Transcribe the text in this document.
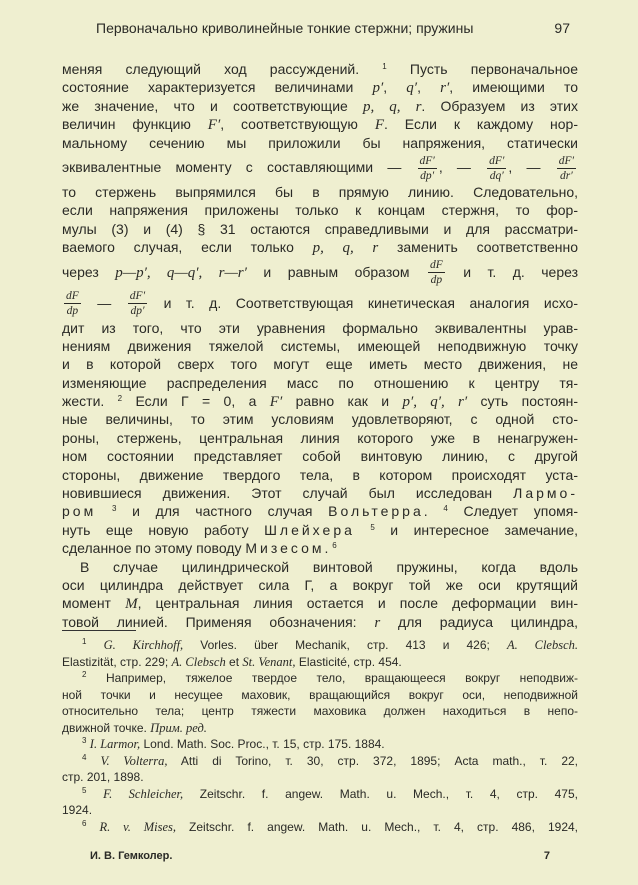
Первоначально криволинейные тонкие стержни; пружины	97
меняя следующий ход рассуждений. $^1$ Пусть первоначальное
состояние характеризуется величинами p′, q′, r′, имеющими то
же значение, что и соответствующие p, q, r. Образуем из этих
величин функцию F′, соответствующую F. Если к каждому нор-
мальному сечению мы приложили бы напряжения, статически
эквивалентные моменту с составляющими — $\frac{dF'}{dp'}$ , — $\frac{dF'}{dq'}$ , — $\frac{dF'}{dr'}$
то стержень выпрямился бы в прямую линию. Следовательно,
если напряжения приложены только к концам стержня, то фор-
мулы (3) и (4) § 31 остаются справедливыми и для рассматри-
ваемого случая, если только p, q, r заменить соответственно
через p—p′, q—q′, r—r′ и равным образом $\frac{dF}{dp}$ и т. д. через
$\frac{dF}{dp}$ — $\frac{dF'}{dp'}$ и т. д. Соответствующая кинетическая аналогия исхо-
дит из того, что эти уравнения формально эквивалентны урав-
нениям движения тяжелой системы, имеющей неподвижную точку
и в которой сверх того могут еще иметь место движения, не
изменяющие распределения масс по отношению к центру тя-
жести. $^2$ Если Г = 0, а F′ равно как и p′, q′, r′ суть постоян-
ные величины, то этим условиям удовлетворяют, с одной сто-
роны, стержень, центральная линия которого уже в ненагружен-
ном состоянии представляет собой винтовую линию, с другой
стороны, движение твердого тела, в котором происходят уста-
новившиеся движения. Этот случай был исследован Лармо-
ром $^3$ и для частного случая Вольтерра. $^4$ Следует упомя-
нуть еще новую работу Шлейхера $^5$ и интересное замечание,
сделанное по этому поводу Мизесом. $^6$
В случае цилиндрической винтовой пружины, когда вдоль
оси цилиндра действует сила Г, а вокруг той же оси крутящий
момент M, центральная линия остается и после деформации вин-
товой линией. Применяя обозначения: r для радиуса цилиндра,
$^1$ G. Kirchhoff, Vorles. über Mechanik, стр. 413 и 426; A. Clebsch.
Elastizität, стр. 229; A. Clebsch et St. Venant, Elasticité, стр. 454.
$^2$ Например, тяжелое твердое тело, вращающееся вокруг неподвиж-
ной точки и несущее маховик, вращающийся вокруг оси, неподвижной
относительно тела; центр тяжести маховика должен находиться в непо-
движной точке. Прим. ред.
$^3$ I. Larmor, Lond. Math. Soc. Proc., т. 15, стр. 175. 1884.
$^4$ V. Volterra, Atti di Torino, т. 30, стр. 372, 1895; Acta math., т. 22,
стр. 201, 1898.
$^5$ F. Schleicher, Zeitschr. f. angew. Math. u. Mech., т. 4, стр. 475,
1924.
$^6$ R. v. Mises, Zeitschr. f. angew. Math. u. Mech., т. 4, стр. 486, 1924,
И. В. Гемколер.	7
